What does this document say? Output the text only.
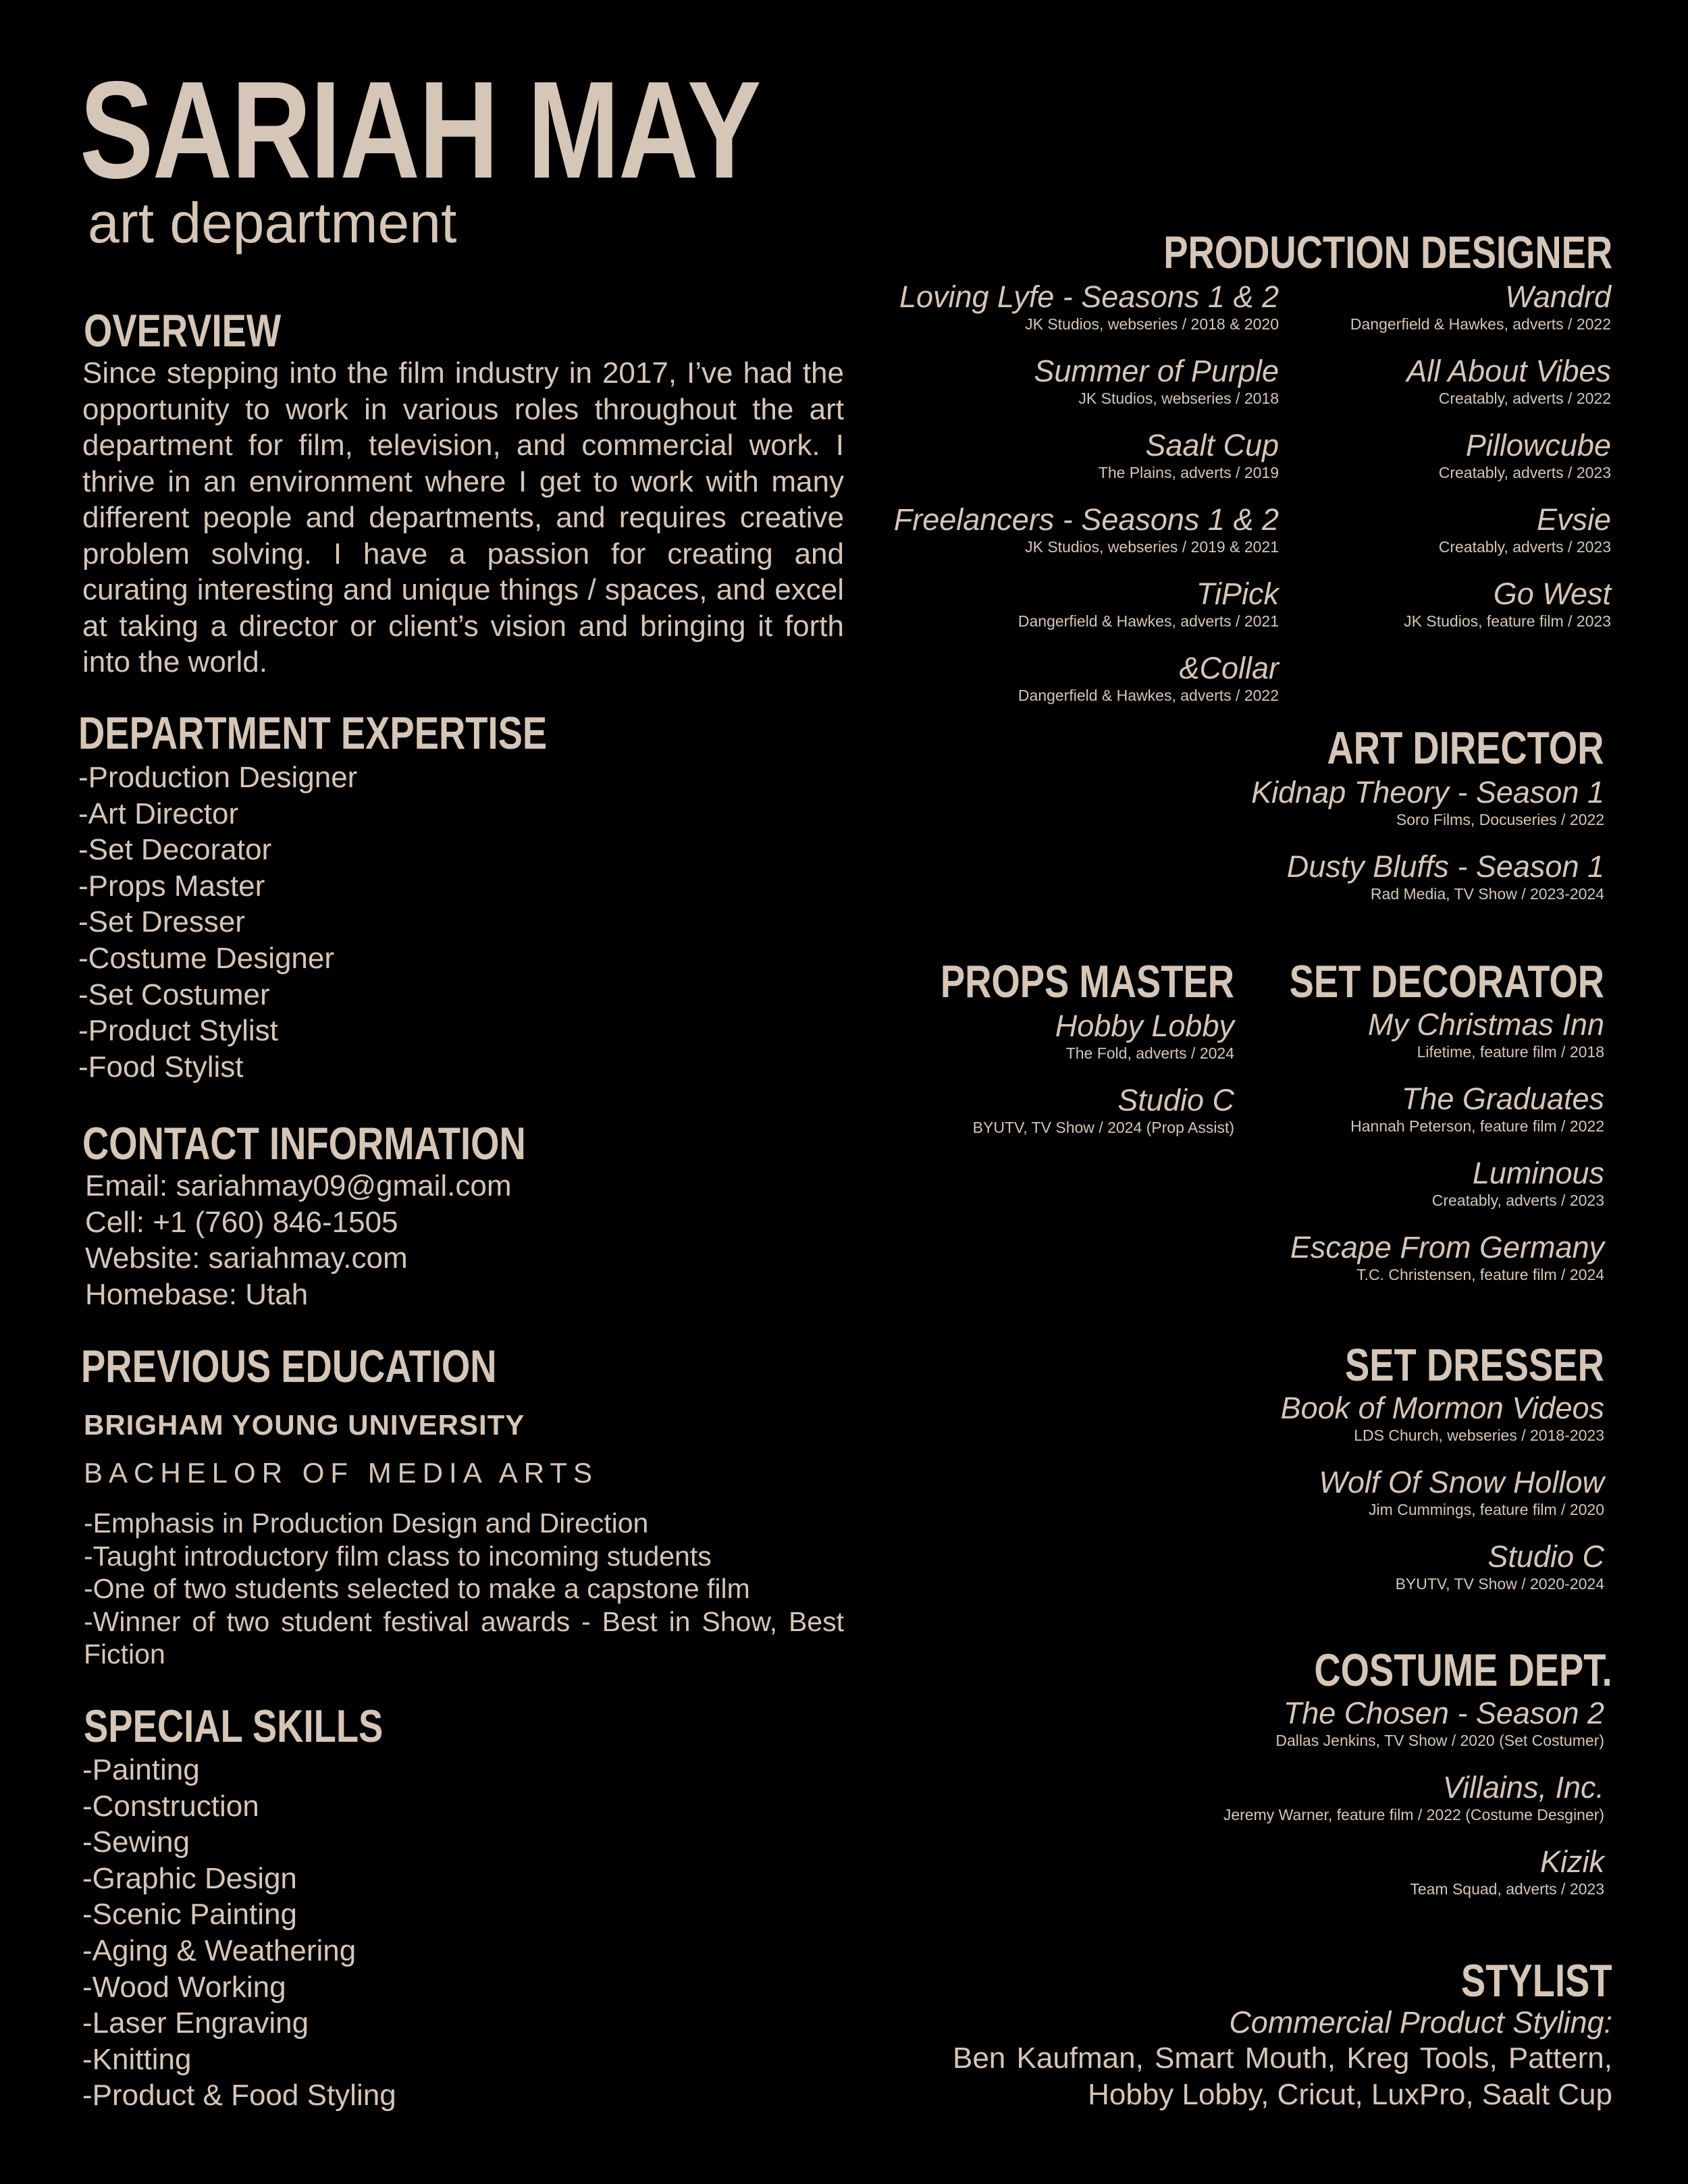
SARIAH MAY
art department
OVERVIEW
Since stepping into the film industry in 2017, I’ve had the opportunity to work in various roles throughout the art department for film, television, and commercial work. I thrive in an environment where I get to work with many different people and departments, and requires creative problem solving. I have a passion for creating and curating interesting and unique things / spaces, and excel at taking a director or client’s vision and bringing it forth into the world.
DEPARTMENT EXPERTISE
-Production Designer
-Art Director
-Set Decorator
-Props Master
-Set Dresser
-Costume Designer
-Set Costumer
-Product Stylist
-Food Stylist
CONTACT INFORMATION
Email: sariahmay09@gmail.com
Cell: +1 (760) 846-1505
Website: sariahmay.com
Homebase: Utah
PREVIOUS EDUCATION
BRIGHAM YOUNG UNIVERSITY
BACHELOR OF MEDIA ARTS
-Emphasis in Production Design and Direction
-Taught introductory film class to incoming students
-One of two students selected to make a capstone film
-Winner of two student festival awards - Best in Show, Best Fiction
SPECIAL SKILLS
-Painting
-Construction
-Sewing
-Graphic Design
-Scenic Painting
-Aging & Weathering
-Wood Working
-Laser Engraving
-Knitting
-Product & Food Styling
PRODUCTION DESIGNER
Loving Lyfe - Seasons 1 & 2
JK Studios, webseries / 2018 & 2020
Summer of Purple
JK Studios, webseries / 2018
Saalt Cup
The Plains, adverts / 2019
Freelancers - Seasons 1 & 2
JK Studios, webseries / 2019 & 2021
TiPick
Dangerfield & Hawkes, adverts / 2021
&Collar
Dangerfield & Hawkes, adverts / 2022
Wandrd
Dangerfield & Hawkes, adverts / 2022
All About Vibes
Creatably, adverts / 2022
Pillowcube
Creatably, adverts / 2023
Evsie
Creatably, adverts / 2023
Go West
JK Studios, feature film / 2023
ART DIRECTOR
Kidnap Theory - Season 1
Soro Films, Docuseries / 2022
Dusty Bluffs - Season 1
Rad Media, TV Show / 2023-2024
PROPS MASTER
Hobby Lobby
The Fold, adverts / 2024
Studio C
BYUTV, TV Show / 2024 (Prop Assist)
SET DECORATOR
My Christmas Inn
Lifetime, feature film / 2018
The Graduates
Hannah Peterson, feature film / 2022
Luminous
Creatably, adverts / 2023
Escape From Germany
T.C. Christensen, feature film / 2024
SET DRESSER
Book of Mormon Videos
LDS Church, webseries / 2018-2023
Wolf Of Snow Hollow
Jim Cummings, feature film / 2020
Studio C
BYUTV, TV Show / 2020-2024
COSTUME DEPT.
The Chosen - Season 2
Dallas Jenkins, TV Show / 2020 (Set Costumer)
Villains, Inc.
Jeremy Warner, feature film / 2022 (Costume Desginer)
Kizik
Team Squad, adverts / 2023
STYLIST
Commercial Product Styling:
Ben Kaufman, Smart Mouth, Kreg Tools, Pattern,
Hobby Lobby, Cricut, LuxPro, Saalt Cup
